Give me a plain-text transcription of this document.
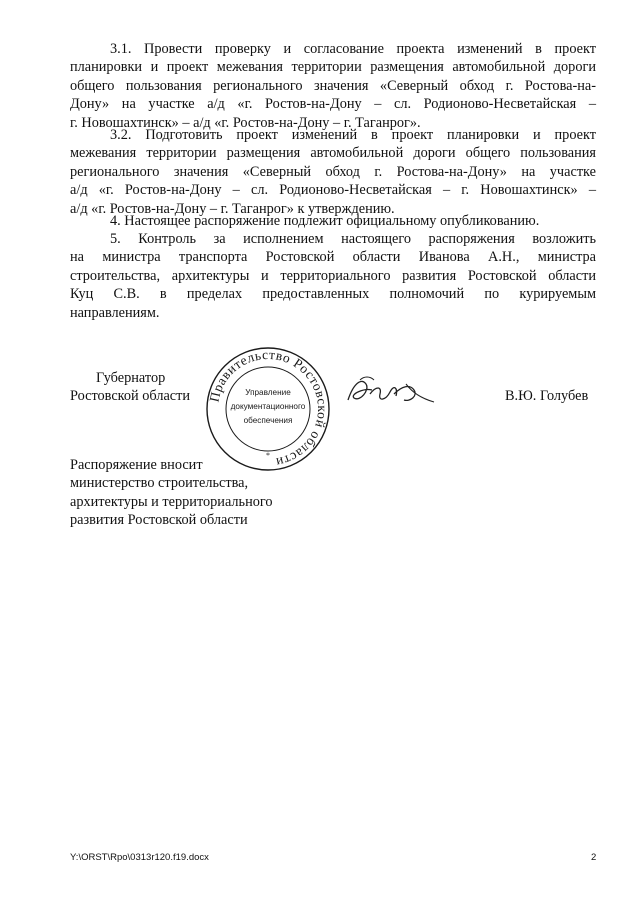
3.1. Провести проверку и согласование проекта изменений в проект
планировки и проект межевания территории размещения автомобильной дороги
общего пользования регионального значения «Северный обход г. Ростова-на-
Дону» на участке а/д «г. Ростов-на-Дону – сл. Родионово-Несветайская –
г. Новошахтинск» – а/д «г. Ростов-на-Дону – г. Таганрог».
3.2. Подготовить проект изменений в проект планировки и проект
межевания территории размещения автомобильной дороги общего пользования
регионального значения «Северный обход г. Ростова-на-Дону» на участке
а/д «г. Ростов-на-Дону – сл. Родионово-Несветайская – г. Новошахтинск» –
а/д «г. Ростов-на-Дону – г. Таганрог» к утверждению.
4. Настоящее распоряжение подлежит официальному опубликованию.
5. Контроль за исполнением настоящего распоряжения возложить
на министра транспорта Ростовской области Иванова А.Н., министра
строительства, архитектуры и территориального развития Ростовской области
Куц С.В. в пределах предоставленных полномочий по курируемым
направлениям.
Губернатор
Ростовской области	В.Ю. Голубев
Правительство Ростовской области
Управление
документационного
обеспечения
*
Распоряжение вносит
министерство строительства,
архитектуры и территориального
развития Ростовской области
Y:\ORST\Rpo\0313r120.f19.docx	2
